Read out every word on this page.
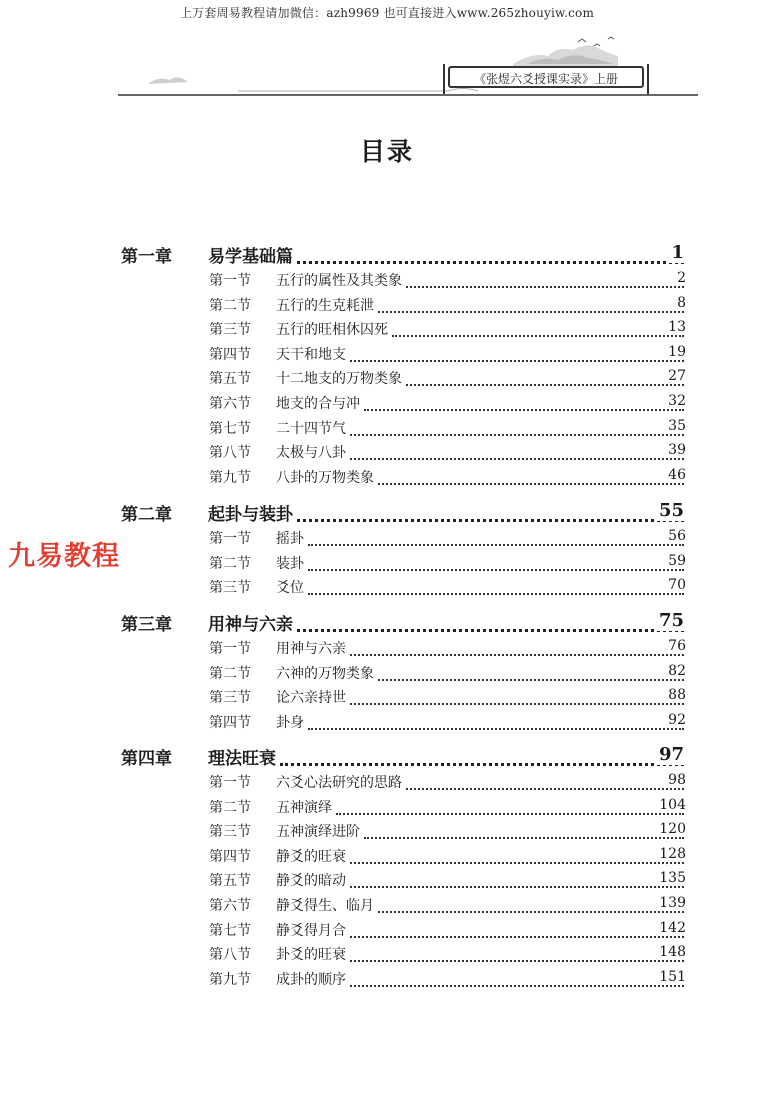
上万套周易教程请加微信：azh9969 也可直接进入www.265zhouyiw.com
《张煜六爻授课实录》上册
目录
九易教程
第一章 易学基础篇	1
第一节 五行的属性及其类象	2
第二节 五行的生克耗泄	8
第三节 五行的旺相休囚死	13
第四节 天干和地支	19
第五节 十二地支的万物类象	27
第六节 地支的合与冲	32
第七节 二十四节气	35
第八节 太极与八卦	39
第九节 八卦的万物类象	46
第二章 起卦与装卦	55
第一节 摇卦	56
第二节 装卦	59
第三节 爻位	70
第三章 用神与六亲	75
第一节 用神与六亲	76
第二节 六神的万物类象	82
第三节 论六亲持世	88
第四节 卦身	92
第四章 理法旺衰	97
第一节 六爻心法研究的思路	98
第二节 五神演绎	104
第三节 五神演绎进阶	120
第四节 静爻的旺衰	128
第五节 静爻的暗动	135
第六节 静爻得生、临月	139
第七节 静爻得月合	142
第八节 卦爻的旺衰	148
第九节 成卦的顺序	151
